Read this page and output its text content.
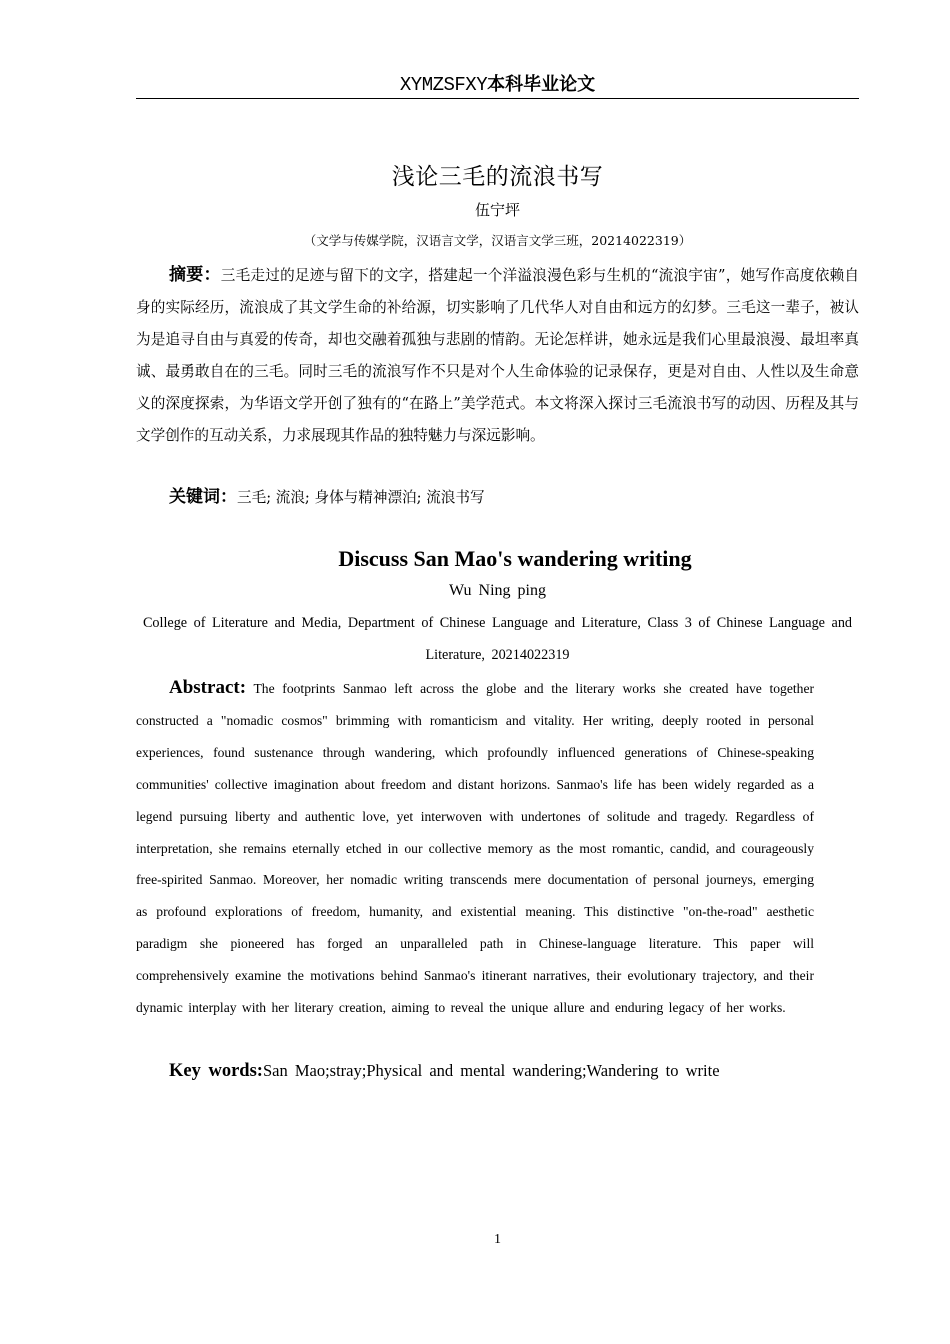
XYMZSFXY本科毕业论文
浅论三毛的流浪书写
伍宁坪
（文学与传媒学院，汉语言文学，汉语言文学三班，20214022319）
摘要：三毛走过的足迹与留下的文字，搭建起一个洋溢浪漫色彩与生机的“流浪宇宙”，她写作高度依赖自身的实际经历，流浪成了其文学生命的补给源，切实影响了几代华人对自由和远方的幻梦。三毛这一辈子，被认为是追寻自由与真爱的传奇，却也交融着孤独与悲剧的情韵。无论怎样讲，她永远是我们心里最浪漫、最坦率真诚、最勇敢自在的三毛。同时三毛的流浪写作不只是对个人生命体验的记录保存，更是对自由、人性以及生命意义的深度探索，为华语文学开创了独有的“在路上”美学范式。本文将深入探讨三毛流浪书写的动因、历程及其与文学创作的互动关系，力求展现其作品的独特魅力与深远影响。
关键词：三毛; 流浪; 身体与精神漂泊; 流浪书写
Discuss San Mao's wandering writing
Wu Ning ping
College of Literature and Media, Department of Chinese Language and Literature, Class 3 of Chinese Language and Literature, 20214022319
Abstract: The footprints Sanmao left across the globe and the literary works she created have together constructed a "nomadic cosmos" brimming with romanticism and vitality. Her writing, deeply rooted in personal experiences, found sustenance through wandering, which profoundly influenced generations of Chinese-speaking communities' collective imagination about freedom and distant horizons. Sanmao's life has been widely regarded as a legend pursuing liberty and authentic love, yet interwoven with undertones of solitude and tragedy. Regardless of interpretation, she remains eternally etched in our collective memory as the most romantic, candid, and courageously free-spirited Sanmao. Moreover, her nomadic writing transcends mere documentation of personal journeys, emerging as profound explorations of freedom, humanity, and existential meaning. This distinctive "on-the-road" aesthetic paradigm she pioneered has forged an unparalleled path in Chinese-language literature. This paper will comprehensively examine the motivations behind Sanmao's itinerant narratives, their evolutionary trajectory, and their dynamic interplay with her literary creation, aiming to reveal the unique allure and enduring legacy of her works.
Key words:San Mao;stray;Physical and mental wandering;Wandering to write
1
